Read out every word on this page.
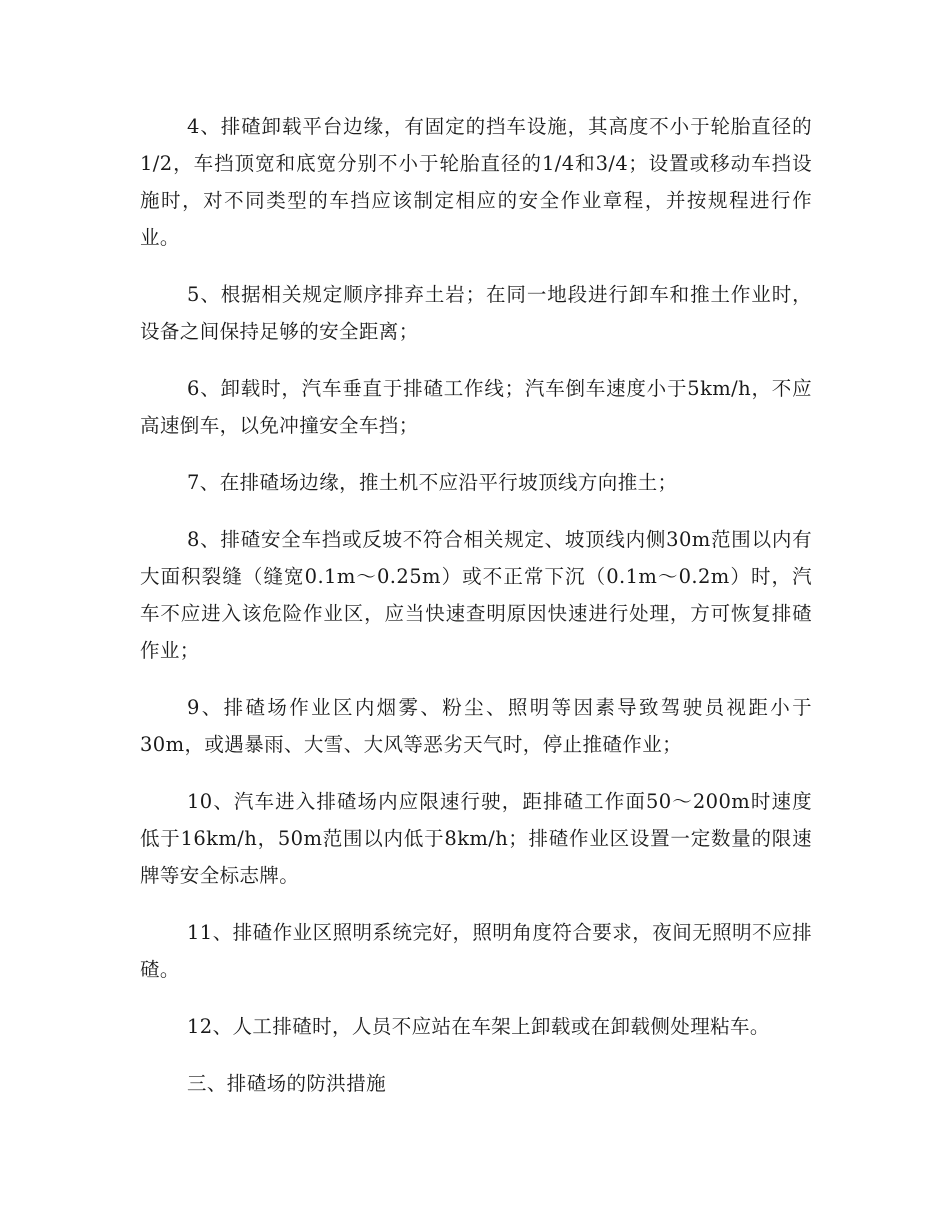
4、排碴卸载平台边缘，有固定的挡车设施，其高度不小于轮胎直径的1/2，车挡顶宽和底宽分别不小于轮胎直径的1/4和3/4；设置或移动车挡设施时，对不同类型的车挡应该制定相应的安全作业章程，并按规程进行作业。

5、根据相关规定顺序排弃土岩；在同一地段进行卸车和推土作业时，设备之间保持足够的安全距离；

6、卸载时，汽车垂直于排碴工作线；汽车倒车速度小于5km/h，不应高速倒车，以免冲撞安全车挡；

7、在排碴场边缘，推土机不应沿平行坡顶线方向推土；

8、排碴安全车挡或反坡不符合相关规定、坡顶线内侧30m范围以内有大面积裂缝（缝宽0.1m～0.25m）或不正常下沉（0.1m～0.2m）时，汽车不应进入该危险作业区，应当快速查明原因快速进行处理，方可恢复排碴作业；

9、排碴场作业区内烟雾、粉尘、照明等因素导致驾驶员视距小于30m，或遇暴雨、大雪、大风等恶劣天气时，停止推碴作业；

10、汽车进入排碴场内应限速行驶，距排碴工作面50～200m时速度低于16km/h，50m范围以内低于8km/h；排碴作业区设置一定数量的限速牌等安全标志牌。

11、排碴作业区照明系统完好，照明角度符合要求，夜间无照明不应排碴。

12、人工排碴时，人员不应站在车架上卸载或在卸载侧处理粘车。

三、排碴场的防洪措施
